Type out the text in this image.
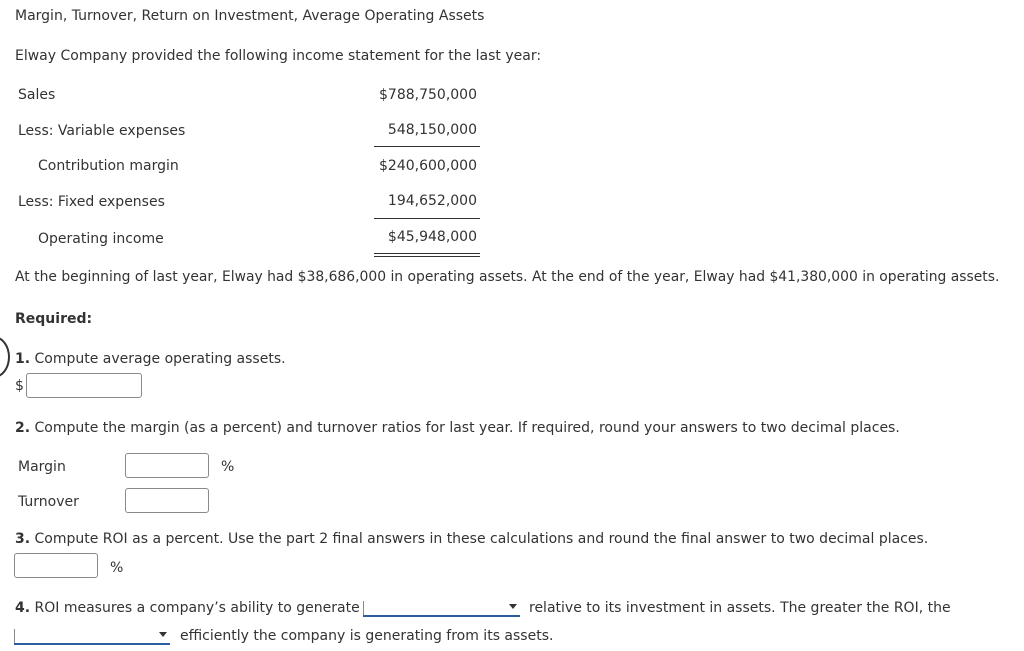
Margin, Turnover, Return on Investment, Average Operating Assets
Elway Company provided the following income statement for the last year:
Sales	$788,750,000
Less: Variable expenses	548,150,000
Contribution margin	$240,600,000
Less: Fixed expenses	194,652,000
Operating income	$45,948,000
At the beginning of last year, Elway had $38,686,000 in operating assets. At the end of the year, Elway had $41,380,000 in operating assets.
Required:
1. Compute average operating assets.
$
2. Compute the margin (as a percent) and turnover ratios for last year. If required, round your answers to two decimal places.
Margin	%
Turnover
3. Compute ROI as a percent. Use the part 2 final answers in these calculations and round the final answer to two decimal places.
%
4. ROI measures a company’s ability to generate	relative to its investment in assets. The greater the ROI, the
efficiently the company is generating from its assets.
